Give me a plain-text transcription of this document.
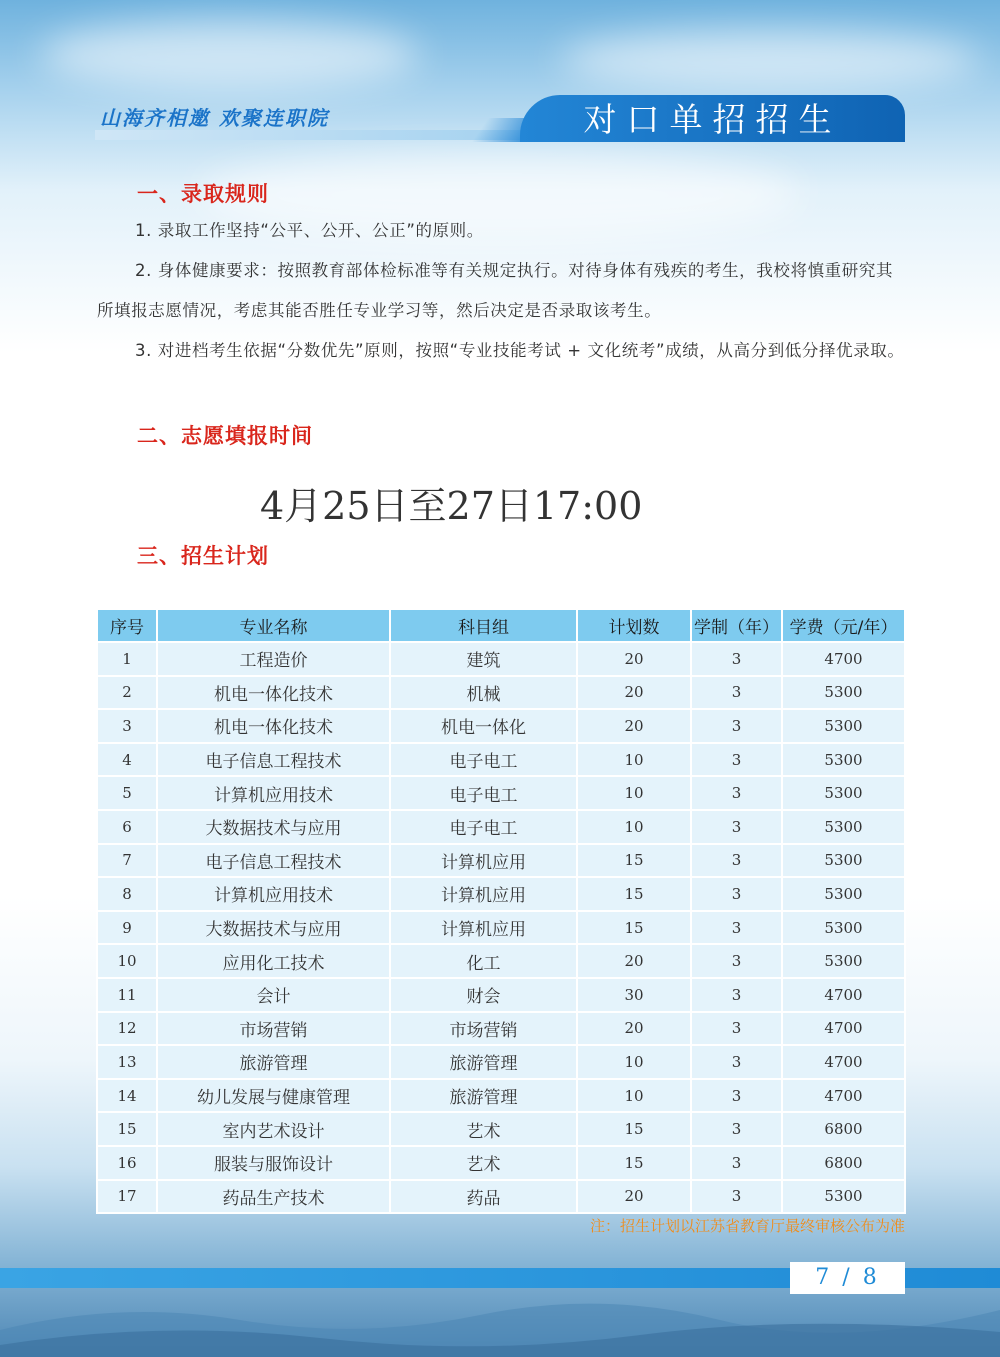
山海齐相邀 欢聚连职院	对口单招招生
一、录取规则
1. 录取工作坚持“公平、公开、公正”的原则。
2. 身体健康要求：按照教育部体检标准等有关规定执行。对待身体有残疾的考生，我校将慎重研究其所填报志愿情况，考虑其能否胜任专业学习等，然后决定是否录取该考生。
3. 对进档考生依据“分数优先”原则，按照“专业技能考试 + 文化统考”成绩，从高分到低分择优录取。
二、志愿填报时间
4月25日至27日17:00
三、招生计划
序号	专业名称	科目组	计划数	学制（年）	学费（元/年）
1	工程造价	建筑	20	3	4700
2	机电一体化技术	机械	20	3	5300
3	机电一体化技术	机电一体化	20	3	5300
4	电子信息工程技术	电子电工	10	3	5300
5	计算机应用技术	电子电工	10	3	5300
6	大数据技术与应用	电子电工	10	3	5300
7	电子信息工程技术	计算机应用	15	3	5300
8	计算机应用技术	计算机应用	15	3	5300
9	大数据技术与应用	计算机应用	15	3	5300
10	应用化工技术	化工	20	3	5300
11	会计	财会	30	3	4700
12	市场营销	市场营销	20	3	4700
13	旅游管理	旅游管理	10	3	4700
14	幼儿发展与健康管理	旅游管理	10	3	4700
15	室内艺术设计	艺术	15	3	6800
16	服装与服饰设计	艺术	15	3	6800
17	药品生产技术	药品	20	3	5300
注：招生计划以江苏省教育厅最终审核公布为准
7 / 8
